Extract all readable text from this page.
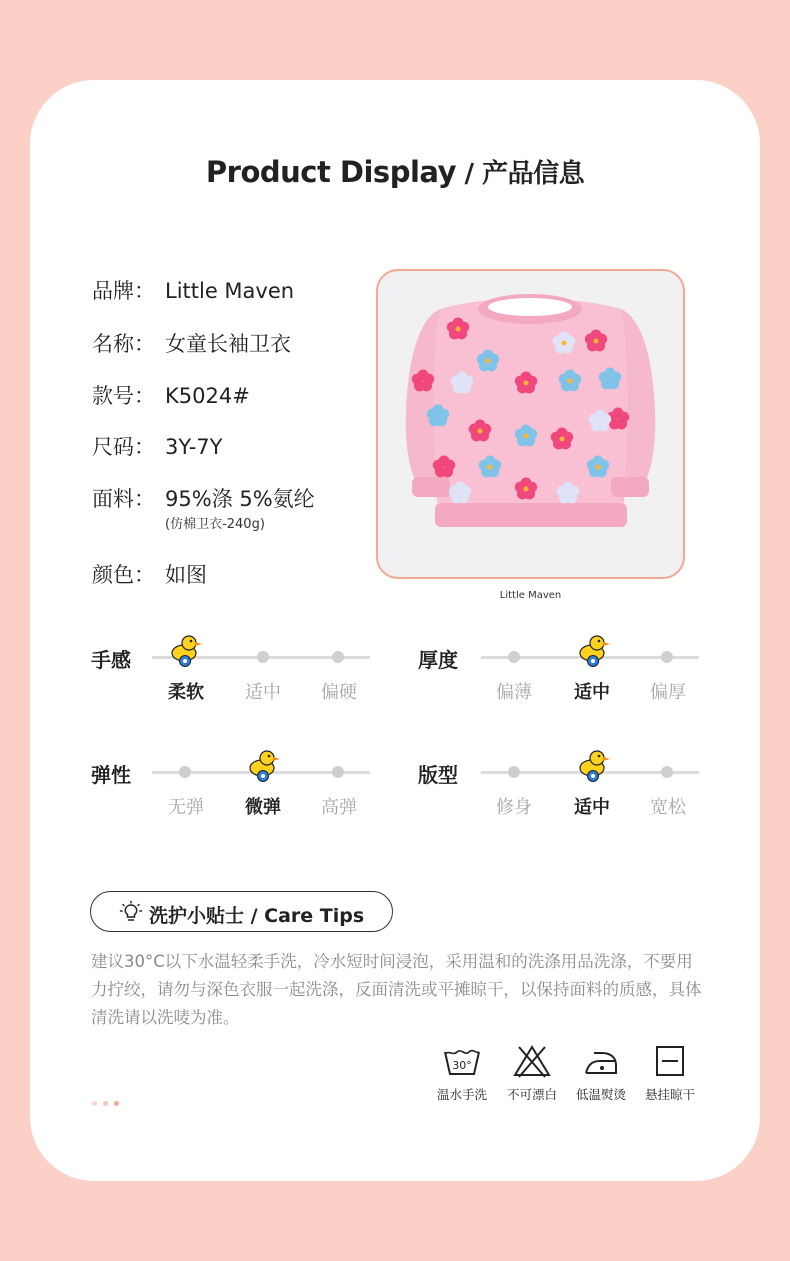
Product Display / 产品信息
品牌： Little Maven
名称： 女童长袖卫衣
款号： K5024#
尺码： 3Y-7Y
面料： 95%涤 5%氨纶
(仿棉卫衣-240g)
颜色： 如图
Little Maven
手感
柔软	适中	偏硬
厚度
偏薄	适中	偏厚
弹性
无弹	微弹	高弹
版型
修身	适中	宽松
洗护小贴士 / Care Tips
建议30°C以下水温轻柔手洗，冷水短时间浸泡，采用温和的洗涤用品洗涤，不要用力拧绞，请勿与深色衣服一起洗涤，反面清洗或平摊晾干，以保持面料的质感，具体清洗请以洗唛为准。
30°
温水手洗	不可漂白	低温熨烫	悬挂晾干
